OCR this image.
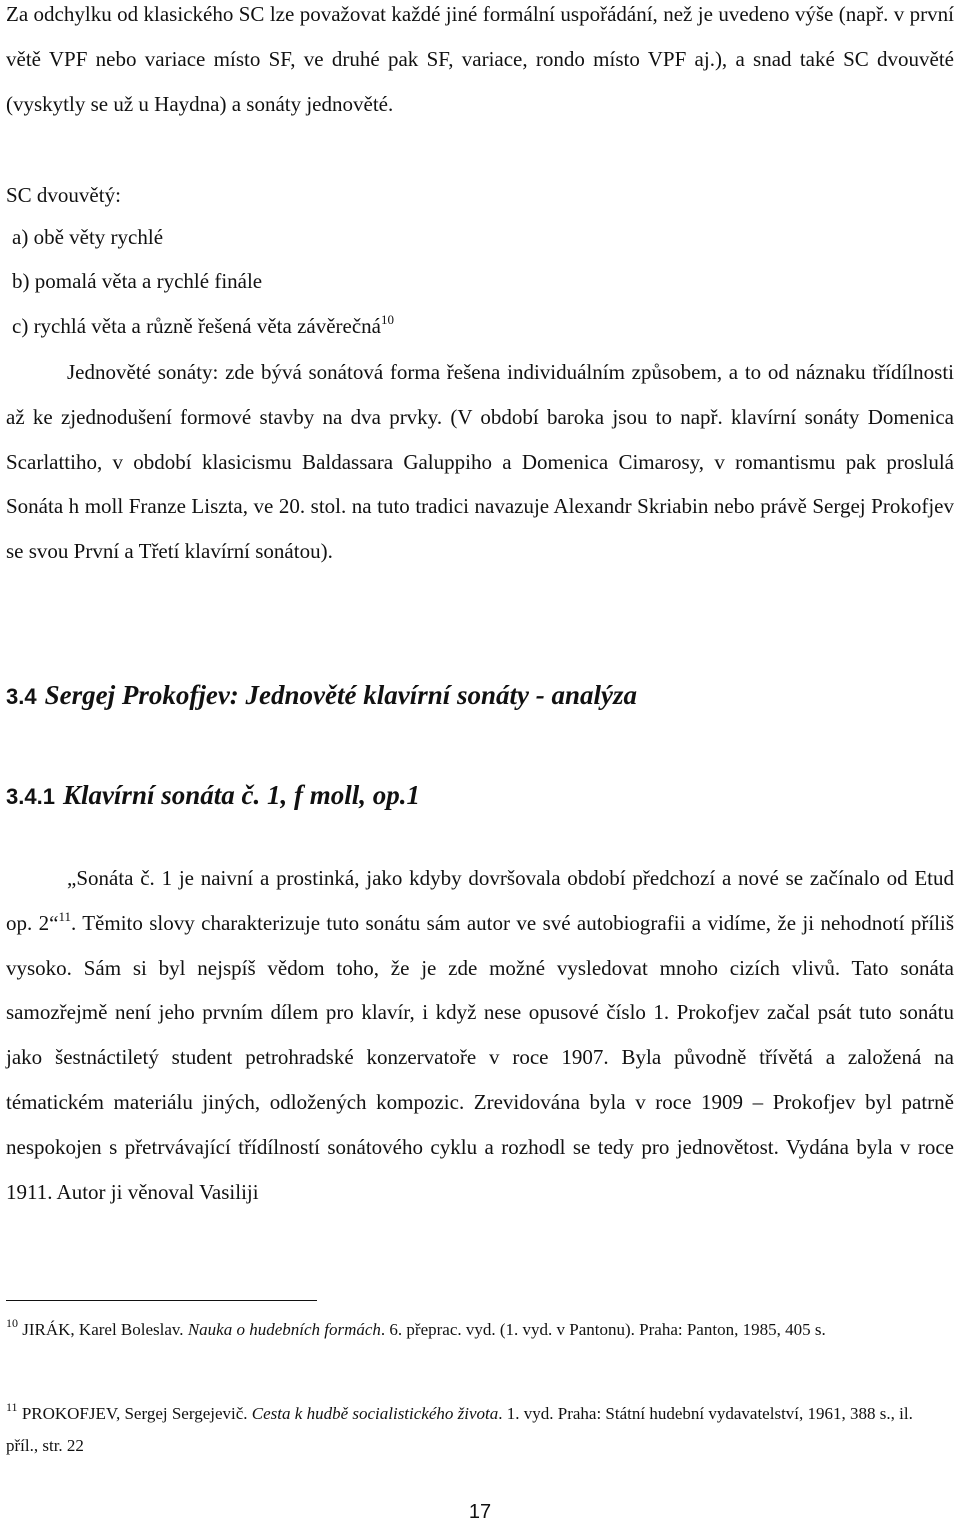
Za odchylku od klasického SC lze považovat každé jiné formální uspořádání, než je uvedeno výše (např. v první větě VPF nebo variace místo SF, ve druhé pak SF, variace, rondo místo VPF aj.), a snad také SC dvouvěté (vyskytly se už u Haydna) a sonáty jednověté.

SC dvouvětý:

a) obě věty rychlé

b) pomalá věta a rychlé finále

c) rychlá věta a různě řešená věta závěrečná$^{10}$

Jednověté sonáty: zde bývá sonátová forma řešena individuálním způsobem, a to od náznaku třídílnosti až ke zjednodušení formové stavby na dva prvky. (V období baroka jsou to např. klavírní sonáty Domenica Scarlattiho, v období klasicismu Baldassara Galuppiho a Domenica Cimarosy, v romantismu pak proslulá Sonáta h moll Franze Liszta, ve 20. stol. na tuto tradici navazuje Alexandr Skriabin nebo právě Sergej Prokofjev se svou První a Třetí klavírní sonátou).

3.4 Sergej Prokofjev: Jednověté klavírní sonáty - analýza
3.4.1 Klavírní sonáta č. 1, f moll, op.1

„Sonáta č. 1 je naivní a prostinká, jako kdyby dovršovala období předchozí a nové se začínalo od Etud op. 2“$^{11}$. Těmito slovy charakterizuje tuto sonátu sám autor ve své autobiografii a vidíme, že ji nehodnotí příliš vysoko. Sám si byl nejspíš vědom toho, že je zde možné vysledovat mnoho cizích vlivů. Tato sonáta samozřejmě není jeho prvním dílem pro klavír, i když nese opusové číslo 1. Prokofjev začal psát tuto sonátu jako šestnáctiletý student petrohradské konzervatoře v roce 1907. Byla původně třívětá a založená na tématickém materiálu jiných, odložených kompozic. Zrevidována byla v roce 1909 – Prokofjev byl patrně nespokojen s přetrvávající třídílností sonátového cyklu a rozhodl se tedy pro jednovětost. Vydána byla v roce 1911. Autor ji věnoval Vasiliji

$^{10}$ JIRÁK, Karel Boleslav. Nauka o hudebních formách. 6. přeprac. vyd. (1. vyd. v Pantonu). Praha: Panton, 1985, 405 s.

$^{11}$ PROKOFJEV, Sergej Sergejevič. Cesta k hudbě socialistického života. 1. vyd. Praha: Státní hudební vydavatelství, 1961, 388 s., il. příl., str. 22

17
